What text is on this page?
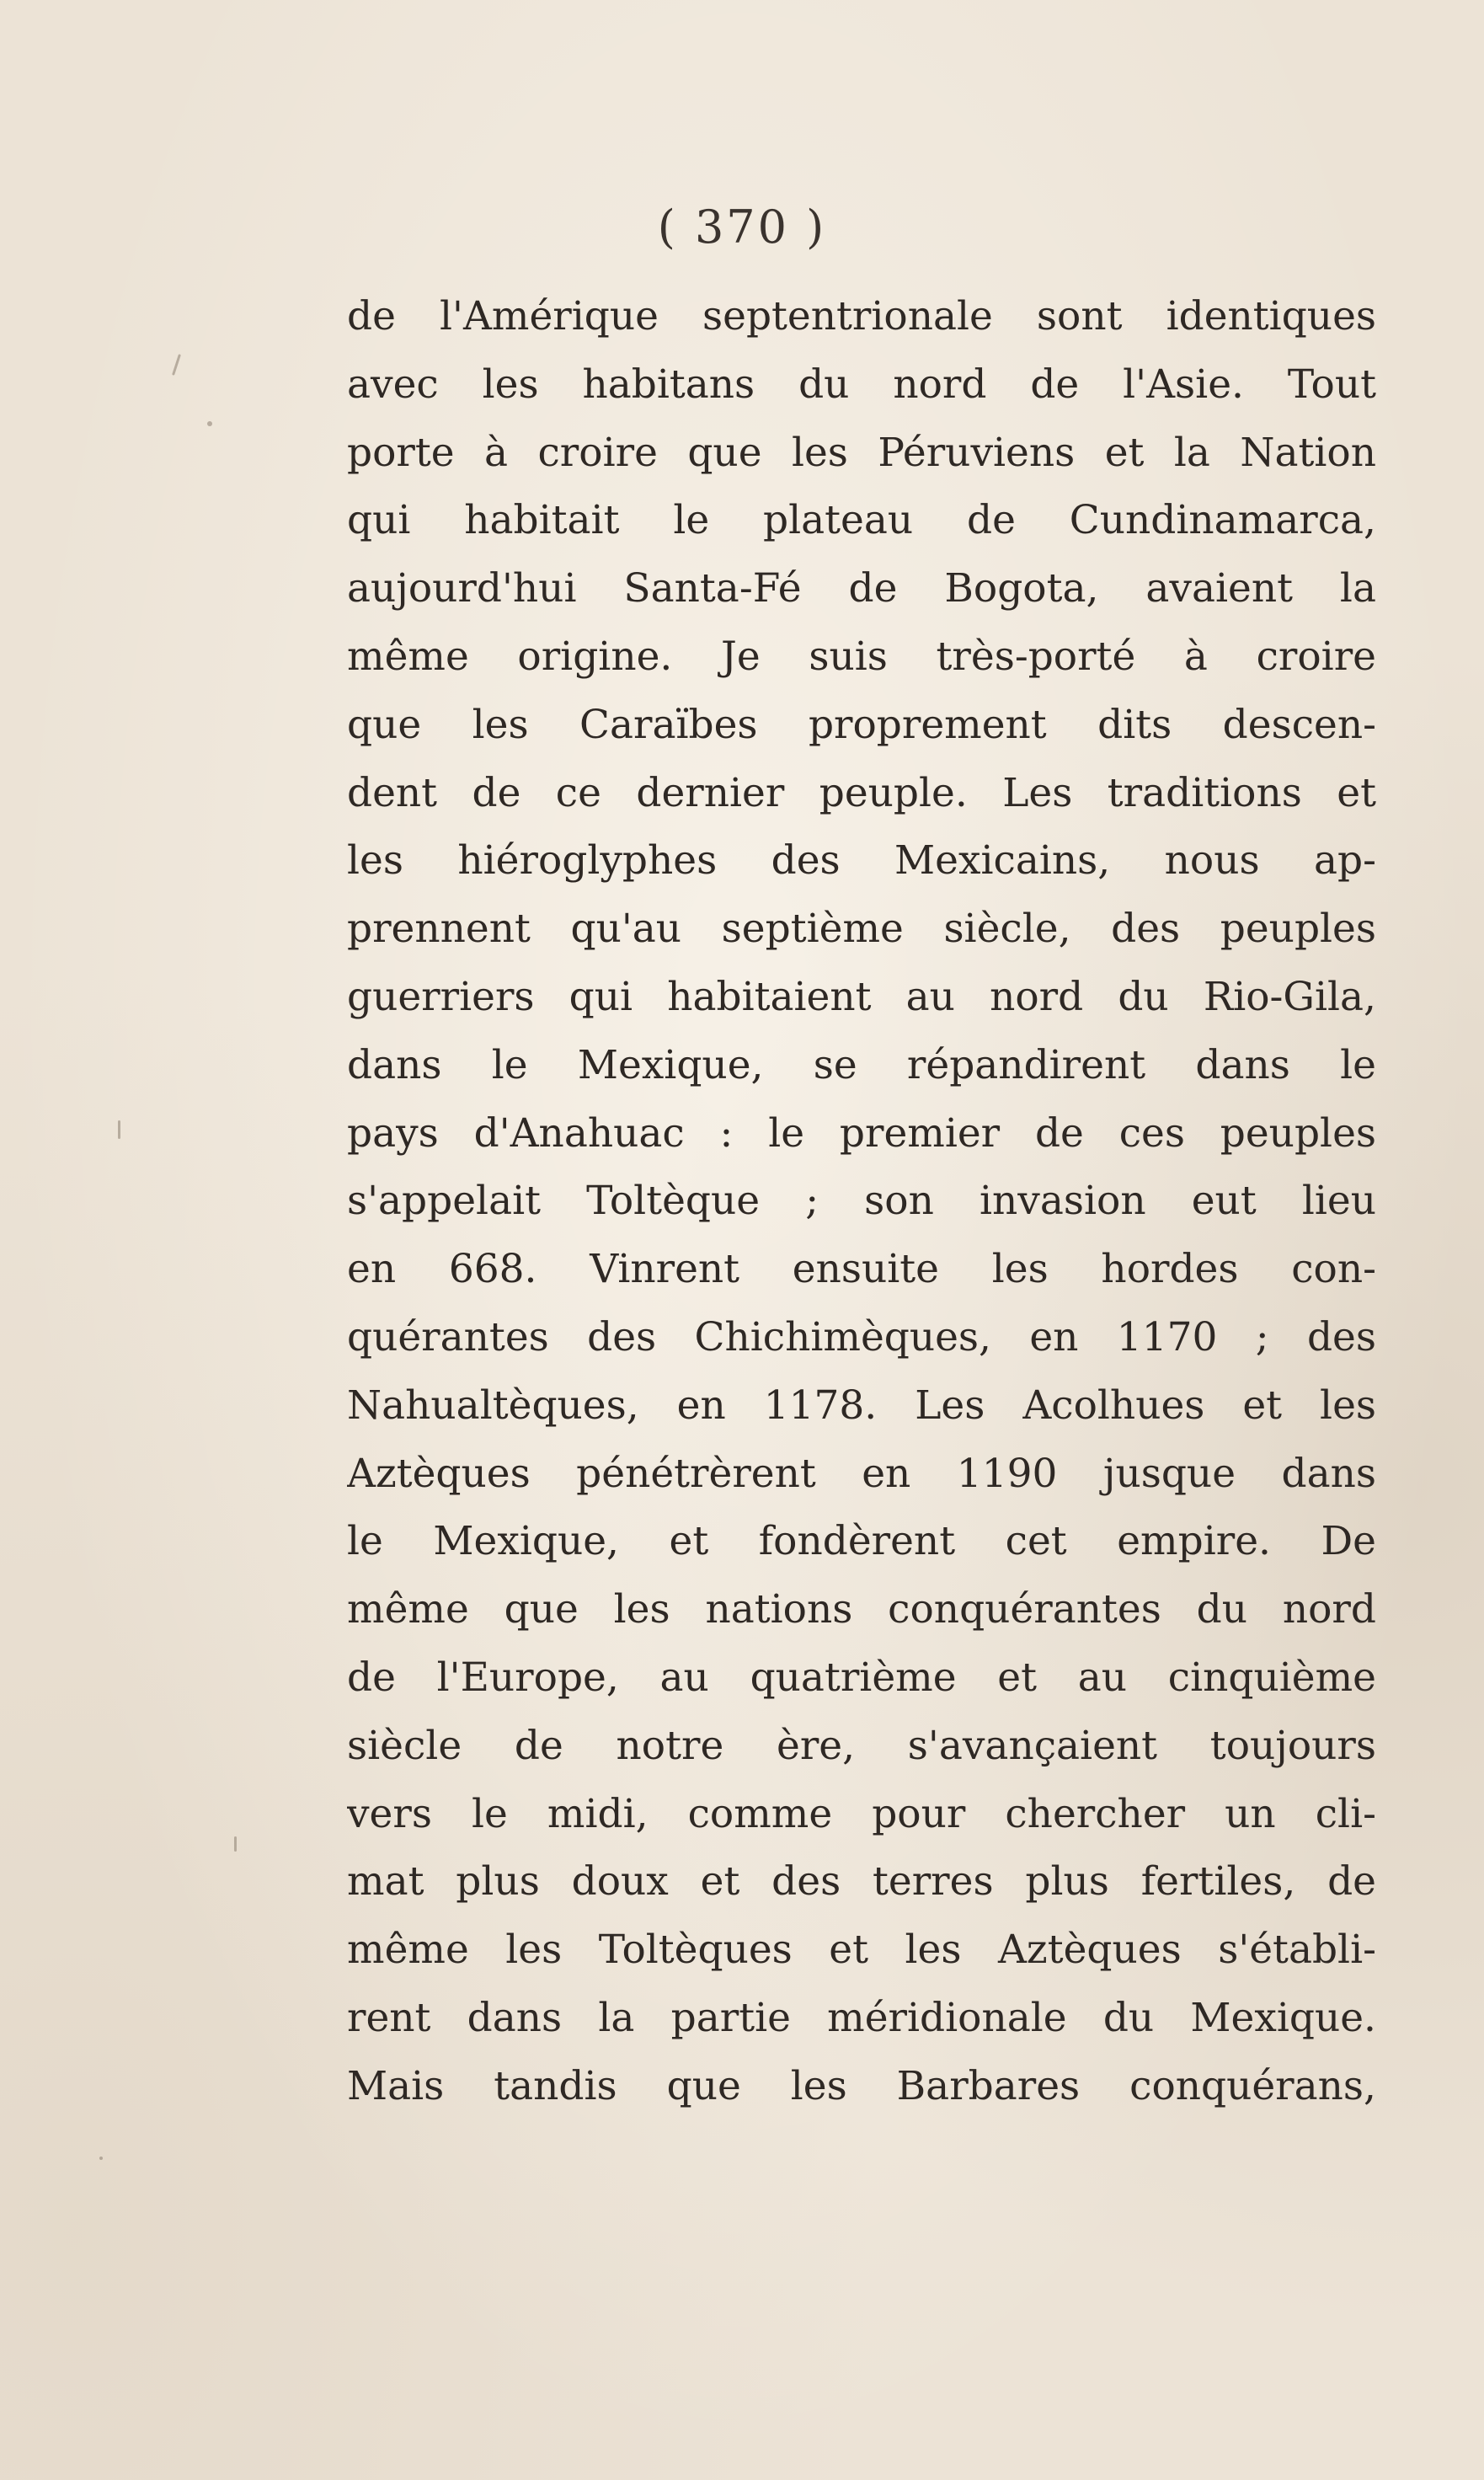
( 370 )
de l'Amérique septentrionale sont identiques
avec les habitans du nord de l'Asie. Tout
porte à croire que les Péruviens et la Nation
qui habitait le plateau de Cundinamarca,
aujourd'hui Santa-Fé de Bogota, avaient la
même origine. Je suis très-porté à croire
que les Caraïbes proprement dits descen-
dent de ce dernier peuple. Les traditions et
les hiéroglyphes des Mexicains, nous ap-
prennent qu'au septième siècle, des peuples
guerriers qui habitaient au nord du Rio-Gila,
dans le Mexique, se répandirent dans le
pays d'Anahuac : le premier de ces peuples
s'appelait Toltèque ; son invasion eut lieu
en 668. Vinrent ensuite les hordes con-
quérantes des Chichimèques, en 1170 ; des
Nahualtèques, en 1178. Les Acolhues et les
Aztèques pénétrèrent en 1190 jusque dans
le Mexique, et fondèrent cet empire. De
même que les nations conquérantes du nord
de l'Europe, au quatrième et au cinquième
siècle de notre ère, s'avançaient toujours
vers le midi, comme pour chercher un cli-
mat plus doux et des terres plus fertiles, de
même les Toltèques et les Aztèques s'établi-
rent dans la partie méridionale du Mexique.
Mais tandis que les Barbares conquérans,
